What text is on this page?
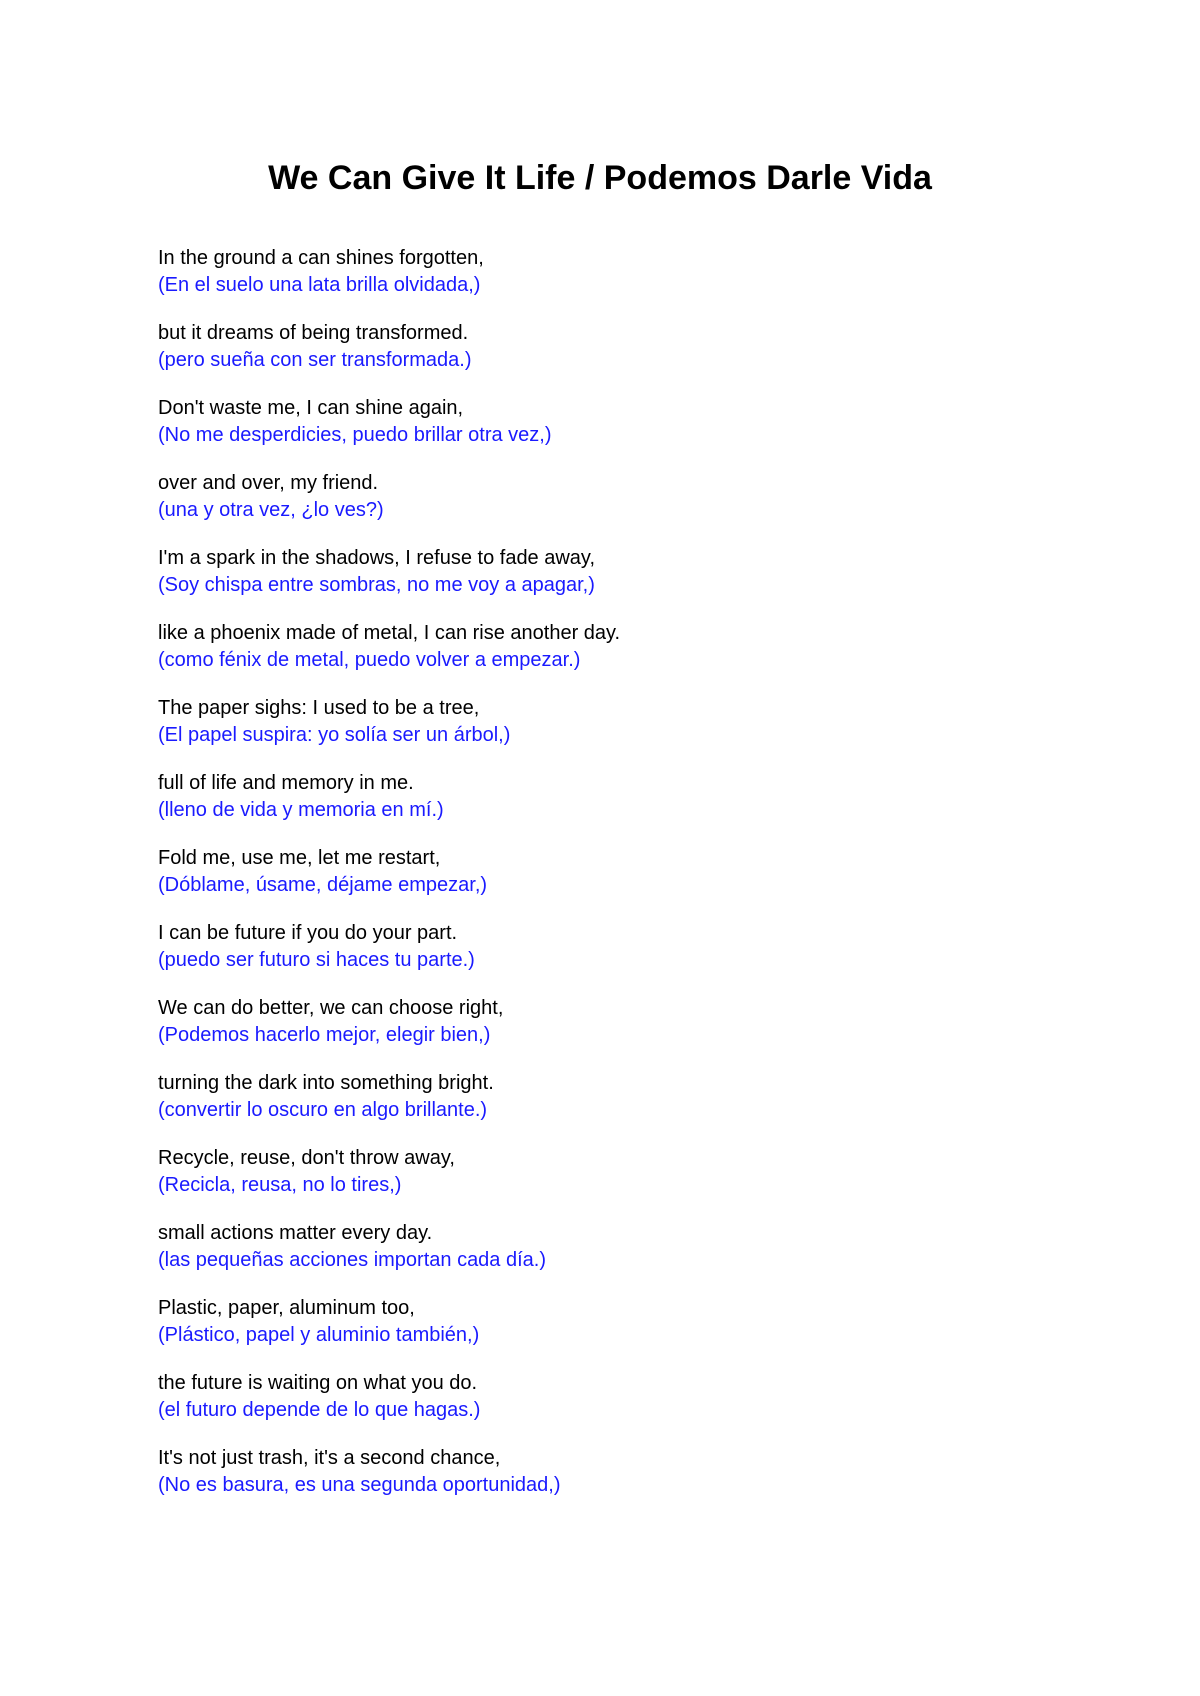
We Can Give It Life / Podemos Darle Vida
In the ground a can shines forgotten,
(En el suelo una lata brilla olvidada,)
but it dreams of being transformed.
(pero sueña con ser transformada.)
Don't waste me, I can shine again,
(No me desperdicies, puedo brillar otra vez,)
over and over, my friend.
(una y otra vez, ¿lo ves?)
I'm a spark in the shadows, I refuse to fade away,
(Soy chispa entre sombras, no me voy a apagar,)
like a phoenix made of metal, I can rise another day.
(como fénix de metal, puedo volver a empezar.)
The paper sighs: I used to be a tree,
(El papel suspira: yo solía ser un árbol,)
full of life and memory in me.
(lleno de vida y memoria en mí.)
Fold me, use me, let me restart,
(Dóblame, úsame, déjame empezar,)
I can be future if you do your part.
(puedo ser futuro si haces tu parte.)
We can do better, we can choose right,
(Podemos hacerlo mejor, elegir bien,)
turning the dark into something bright.
(convertir lo oscuro en algo brillante.)
Recycle, reuse, don't throw away,
(Recicla, reusa, no lo tires,)
small actions matter every day.
(las pequeñas acciones importan cada día.)
Plastic, paper, aluminum too,
(Plástico, papel y aluminio también,)
the future is waiting on what you do.
(el futuro depende de lo que hagas.)
It's not just trash, it's a second chance,
(No es basura, es una segunda oportunidad,)
